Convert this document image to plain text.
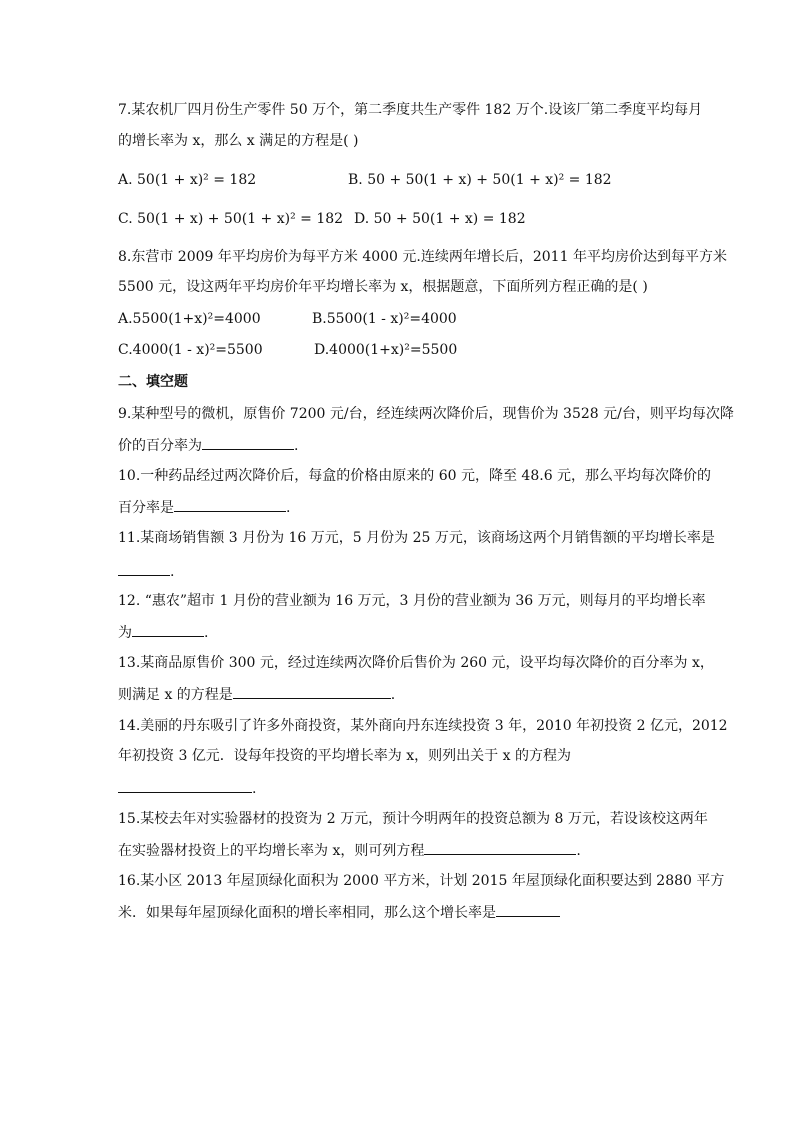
7.某农机厂四月份生产零件 50 万个，第二季度共生产零件 182 万个.设该厂第二季度平均每月
的增长率为 x，那么 x 满足的方程是( )
A. 50(1 + x)² = 182	B. 50 + 50(1 + x) + 50(1 + x)² = 182
C. 50(1 + x) + 50(1 + x)² = 182 D. 50 + 50(1 + x) = 182
8.东营市 2009 年平均房价为每平方米 4000 元.连续两年增长后，2011 年平均房价达到每平方米
5500 元，设这两年平均房价年平均增长率为 x，根据题意，下面所列方程正确的是( )
A.5500(1+x)²=4000	B.5500(1 - x)²=4000
C.4000(1 - x)²=5500	D.4000(1+x)²=5500
二、填空题
9.某种型号的微机，原售价 7200 元/台，经连续两次降价后，现售价为 3528 元/台，则平均每次降
价的百分率为	.
10.一种药品经过两次降价后，每盒的价格由原来的 60 元，降至 48.6 元，那么平均每次降价的
百分率是	.
11.某商场销售额 3 月份为 16 万元，5 月份为 25 万元，该商场这两个月销售额的平均增长率是
.
12. “惠农”超市 1 月份的营业额为 16 万元，3 月份的营业额为 36 万元，则每月的平均增长率
为	.
13.某商品原售价 300 元，经过连续两次降价后售价为 260 元，设平均每次降价的百分率为 x，
则满足 x 的方程是	.
14.美丽的丹东吸引了许多外商投资，某外商向丹东连续投资 3 年，2010 年初投资 2 亿元，2012
年初投资 3 亿元．设每年投资的平均增长率为 x，则列出关于 x 的方程为
.
15.某校去年对实验器材的投资为 2 万元，预计今明两年的投资总额为 8 万元，若设该校这两年
在实验器材投资上的平均增长率为 x，则可列方程	.
16.某小区 2013 年屋顶绿化面积为 2000 平方米，计划 2015 年屋顶绿化面积要达到 2880 平方
米．如果每年屋顶绿化面积的增长率相同，那么这个增长率是
